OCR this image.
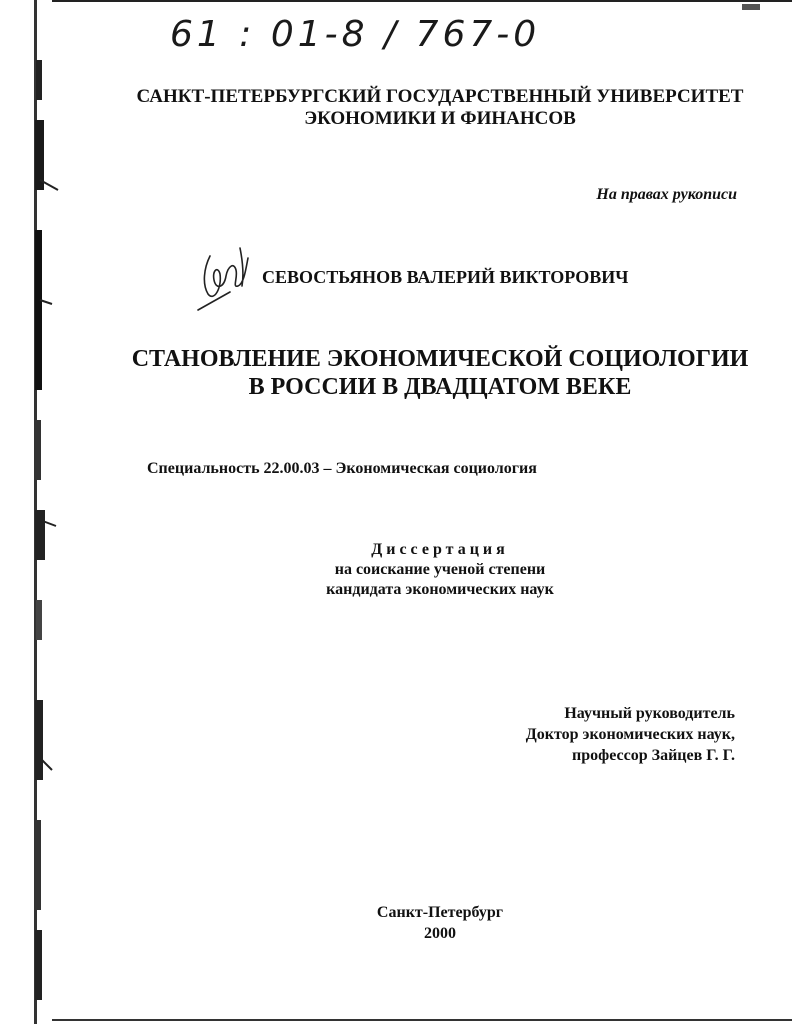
61 : 01-8 / 767-0
САНКТ-ПЕТЕРБУРГСКИЙ ГОСУДАРСТВЕННЫЙ УНИВЕРСИТЕТ
ЭКОНОМИКИ И ФИНАНСОВ
На правах рукописи
СЕВОСТЬЯНОВ ВАЛЕРИЙ ВИКТОРОВИЧ
СТАНОВЛЕНИЕ ЭКОНОМИЧЕСКОЙ СОЦИОЛОГИИ
В РОССИИ В ДВАДЦАТОМ ВЕКЕ
Специальность 22.00.03 – Экономическая социология
Диссертация
на соискание ученой степени
кандидата экономических наук
Научный руководитель
Доктор экономических наук,
профессор Зайцев Г. Г.
Санкт-Петербург
2000
